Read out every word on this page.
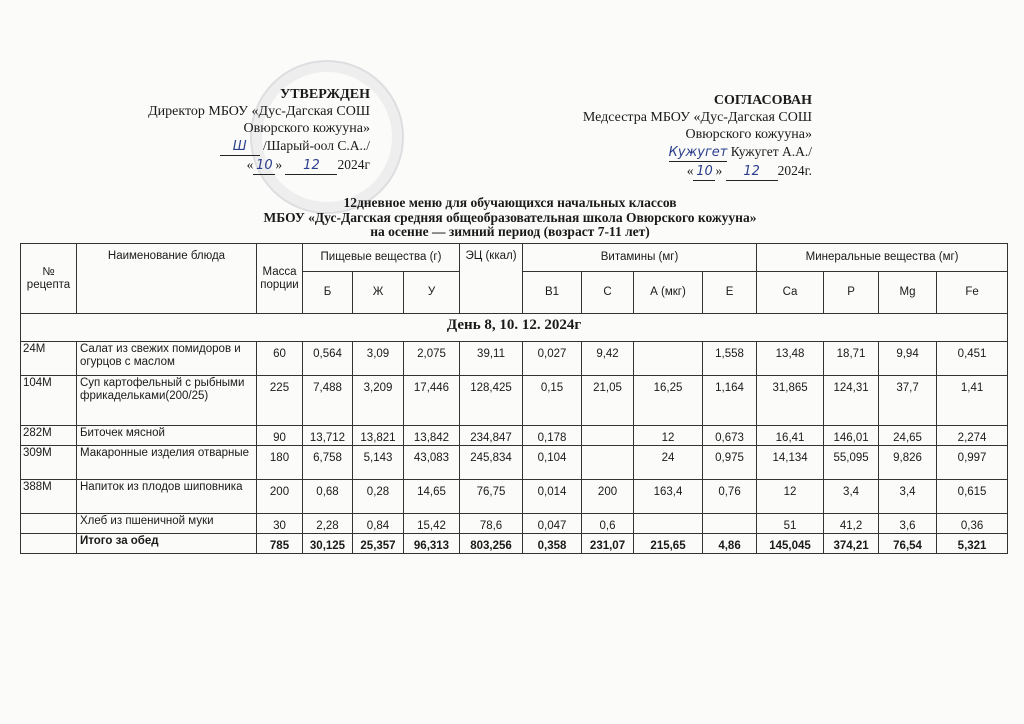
УТВЕРЖДЕН
Директор МБОУ «Дус-Дагская СОШ
Овюрского кожууна»
Ш /Шарый-оол С.А../
« 10 » 12 2024г
СОГЛАСОВАН
Медсестра МБОУ «Дус-Дагская СОШ
Овюрского кожууна»
Кужугет Кужугет А.А./
« 10 » 12 2024г.
12дневное меню для обучающихся начальных классов
МБОУ «Дус-Дагская средняя общеобразовательная школа Овюрского кожууна»
на осенне — зимний период (возраст 7-11 лет)
№ рецепта	Наименование блюда	Масса порции	Пищевые вещества (г)			ЭЦ (ккал)	Витамины (мг)				Минеральные вещества (мг)			
			Б	Ж	У		В1	С	А (мкг)	Е	Са	Р	Mg	Fe
День 8, 10. 12. 2024г														
24М	Салат из свежих помидоров и огурцов с маслом	60	0,564	3,09	2,075	39,11	0,027	9,42		1,558	13,48	18,71	9,94	0,451
104М	Суп картофельный с рыбными фрикадельками(200/25)	225	7,488	3,209	17,446	128,425	0,15	21,05	16,25	1,164	31,865	124,31	37,7	1,41
282М	Биточек мясной	90	13,712	13,821	13,842	234,847	0,178		12	0,673	16,41	146,01	24,65	2,274
309М	Макаронные изделия отварные	180	6,758	5,143	43,083	245,834	0,104		24	0,975	14,134	55,095	9,826	0,997
388М	Напиток из плодов шиповника	200	0,68	0,28	14,65	76,75	0,014	200	163,4	0,76	12	3,4	3,4	0,615
	Хлеб из пшеничной муки	30	2,28	0,84	15,42	78,6	0,047	0,6			51	41,2	3,6	0,36
	Итого за обед	785	30,125	25,357	96,313	803,256	0,358	231,07	215,65	4,86	145,045	374,21	76,54	5,321
